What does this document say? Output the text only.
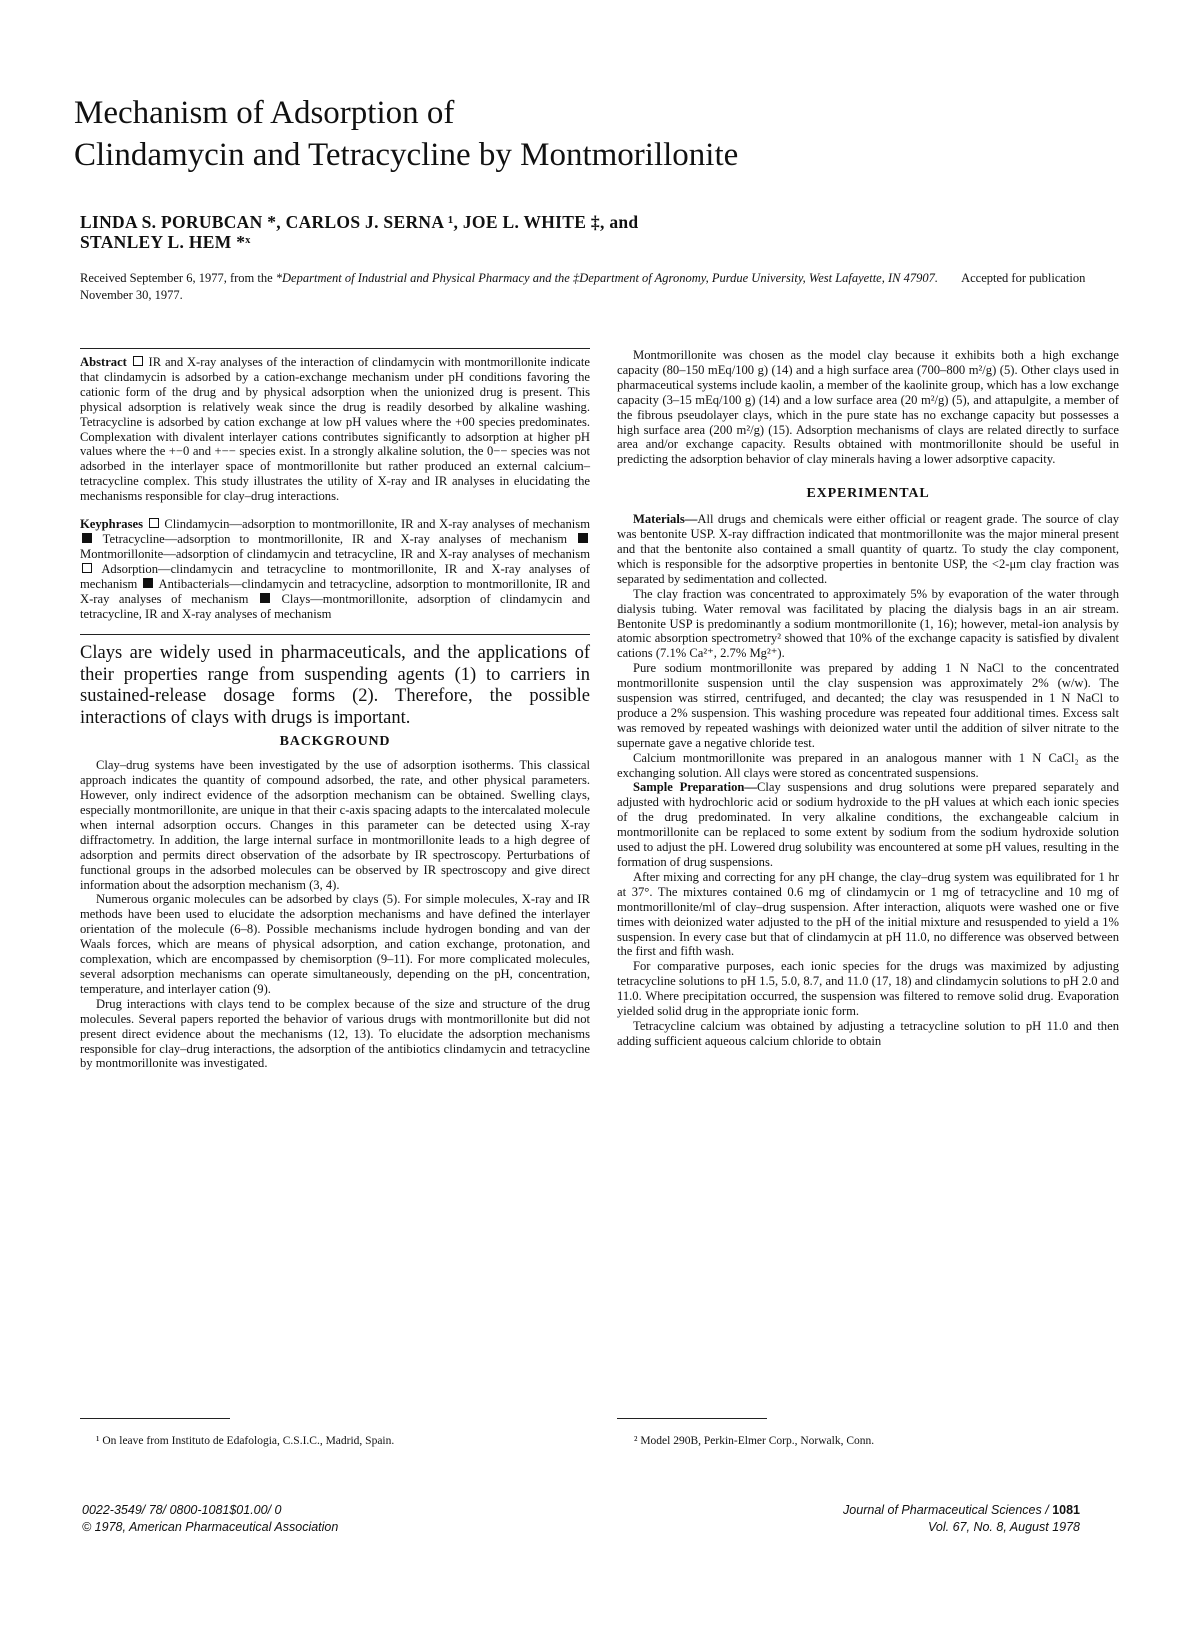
Mechanism of Adsorption of
Clindamycin and Tetracycline by Montmorillonite
LINDA S. PORUBCAN *, CARLOS J. SERNA ¹, JOE L. WHITE ‡, and
STANLEY L. HEM *ˣ
Received September 6, 1977, from the *Department of Industrial and Physical Pharmacy and the ‡Department of Agronomy, Purdue University, West Lafayette, IN 47907. Accepted for publication November 30, 1977.

Abstract IR and X-ray analyses of the interaction of clindamycin with montmorillonite indicate that clindamycin is adsorbed by a cation-exchange mechanism under pH conditions favoring the cationic form of the drug and by physical adsorption when the unionized drug is present. This physical adsorption is relatively weak since the drug is readily desorbed by alkaline washing. Tetracycline is adsorbed by cation exchange at low pH values where the +00 species predominates. Complexation with divalent interlayer cations contributes significantly to adsorption at higher pH values where the +−0 and +−− species exist. In a strongly alkaline solution, the 0−− species was not adsorbed in the interlayer space of montmorillonite but rather produced an external calcium–tetracycline complex. This study illustrates the utility of X-ray and IR analyses in elucidating the mechanisms responsible for clay–drug interactions.

Keyphrases Clindamycin—adsorption to montmorillonite, IR and X-ray analyses of mechanism  Tetracycline—adsorption to montmorillonite, IR and X-ray analyses of mechanism  Montmorillonite—adsorption of clindamycin and tetracycline, IR and X-ray analyses of mechanism  Adsorption—clindamycin and tetracycline to montmorillonite, IR and X-ray analyses of mechanism Antibacterials—clindamycin and tetracycline, adsorption to montmorillonite, IR and X-ray analyses of mechanism	Clays—montmorillonite, adsorption of clindamycin and tetracycline, IR and X-ray analyses of mechanism

Clays are widely used in pharmaceuticals, and the applications of their properties range from suspending agents (1) to carriers in sustained-release dosage forms (2). Therefore, the possible interactions of clays with drugs is important.

BACKGROUND

Clay–drug systems have been investigated by the use of adsorption isotherms. This classical approach indicates the quantity of compound adsorbed, the rate, and other physical parameters. However, only indirect evidence of the adsorption mechanism can be obtained. Swelling clays, especially montmorillonite, are unique in that their c-axis spacing adapts to the intercalated molecule when internal adsorption occurs. Changes in this parameter can be detected using X-ray diffractometry. In addition, the large internal surface in montmorillonite leads to a high degree of adsorption and permits direct observation of the adsorbate by IR spectroscopy. Perturbations of functional groups in the adsorbed molecules can be observed by IR spectroscopy and give direct information about the adsorption mechanism (3, 4).

Numerous organic molecules can be adsorbed by clays (5). For simple molecules, X-ray and IR methods have been used to elucidate the adsorption mechanisms and have defined the interlayer orientation of the molecule (6–8). Possible mechanisms include hydrogen bonding and van der Waals forces, which are means of physical adsorption, and cation exchange, protonation, and complexation, which are encompassed by chemisorption (9–11). For more complicated molecules, several adsorption mechanisms can operate simultaneously, depending on the pH, concentration, temperature, and interlayer cation (9).

Drug interactions with clays tend to be complex because of the size and structure of the drug molecules. Several papers reported the behavior of various drugs with montmorillonite but did not present direct evidence about the mechanisms (12, 13). To elucidate the adsorption mechanisms responsible for clay–drug interactions, the adsorption of the antibiotics clindamycin and tetracycline by montmorillonite was investigated.

Montmorillonite was chosen as the model clay because it exhibits both a high exchange capacity (80–150 mEq/100 g) (14) and a high surface area (700–800 m²/g) (5). Other clays used in pharmaceutical systems include kaolin, a member of the kaolinite group, which has a low exchange capacity (3–15 mEq/100 g) (14) and a low surface area (20 m²/g) (5), and attapulgite, a member of the fibrous pseudolayer clays, which in the pure state has no exchange capacity but possesses a high surface area (200 m²/g) (15). Adsorption mechanisms of clays are related directly to surface area and/or exchange capacity. Results obtained with montmorillonite should be useful in predicting the adsorption behavior of clay minerals having a lower adsorptive capacity.

EXPERIMENTAL

Materials—All drugs and chemicals were either official or reagent grade. The source of clay was bentonite USP. X-ray diffraction indicated that montmorillonite was the major mineral present and that the bentonite also contained a small quantity of quartz. To study the clay component, which is responsible for the adsorptive properties in bentonite USP, the <2-μm clay fraction was separated by sedimentation and collected.

The clay fraction was concentrated to approximately 5% by evaporation of the water through dialysis tubing. Water removal was facilitated by placing the dialysis bags in an air stream. Bentonite USP is predominantly a sodium montmorillonite (1, 16); however, metal-ion analysis by atomic absorption spectrometry² showed that 10% of the exchange capacity is satisfied by divalent cations (7.1% Ca²⁺, 2.7% Mg²⁺).

Pure sodium montmorillonite was prepared by adding 1 N NaCl to the concentrated montmorillonite suspension until the clay suspension was approximately 2% (w/w). The suspension was stirred, centrifuged, and decanted; the clay was resuspended in 1 N NaCl to produce a 2% suspension. This washing procedure was repeated four additional times. Excess salt was removed by repeated washings with deionized water until the addition of silver nitrate to the supernate gave a negative chloride test.

Calcium montmorillonite was prepared in an analogous manner with 1 N CaCl₂ as the exchanging solution. All clays were stored as concentrated suspensions.

Sample Preparation—Clay suspensions and drug solutions were prepared separately and adjusted with hydrochloric acid or sodium hydroxide to the pH values at which each ionic species of the drug predominated. In very alkaline conditions, the exchangeable calcium in montmorillonite can be replaced to some extent by sodium from the sodium hydroxide solution used to adjust the pH. Lowered drug solubility was encountered at some pH values, resulting in the formation of drug suspensions.

After mixing and correcting for any pH change, the clay–drug system was equilibrated for 1 hr at 37°. The mixtures contained 0.6 mg of clindamycin or 1 mg of tetracycline and 10 mg of montmorillonite/ml of clay–drug suspension. After interaction, aliquots were washed one or five times with deionized water adjusted to the pH of the initial mixture and resuspended to yield a 1% suspension. In every case but that of clindamycin at pH 11.0, no difference was observed between the first and fifth wash.

For comparative purposes, each ionic species for the drugs was maximized by adjusting tetracycline solutions to pH 1.5, 5.0, 8.7, and 11.0 (17, 18) and clindamycin solutions to pH 2.0 and 11.0. Where precipitation occurred, the suspension was filtered to remove solid drug. Evaporation yielded solid drug in the appropriate ionic form.

Tetracycline calcium was obtained by adjusting a tetracycline solution to pH 11.0 and then adding sufficient aqueous calcium chloride to obtain

¹ On leave from Instituto de Edafologia, C.S.I.C., Madrid, Spain.	² Model 290B, Perkin-Elmer Corp., Norwalk, Conn.
0022-3549/ 78/ 0800-1081$01.00/ 0
© 1978, American Pharmaceutical Association
Journal of Pharmaceutical Sciences / 1081
Vol. 67, No. 8, August 1978
